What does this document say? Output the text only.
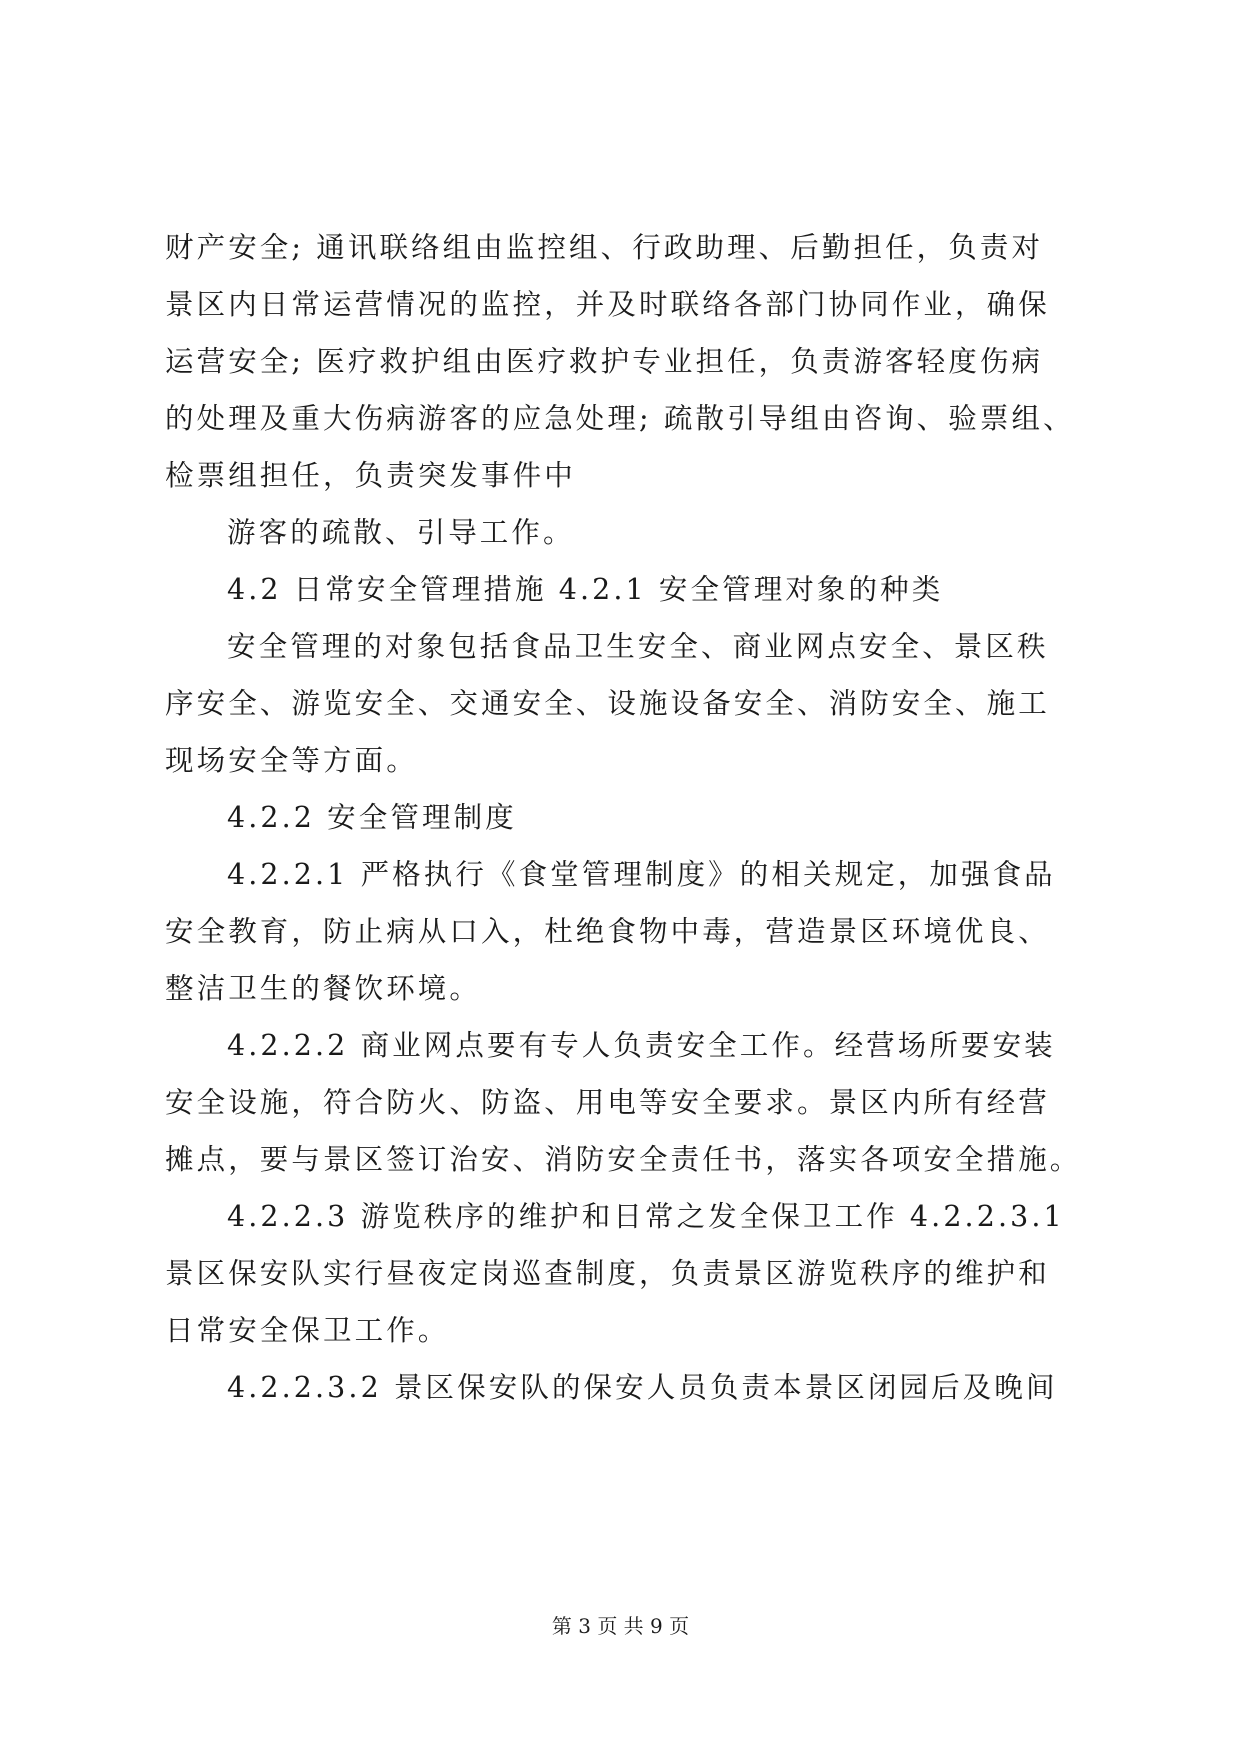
财产安全; 通讯联络组由监控组、行政助理、后勤担任，负责对
景区内日常运营情况的监控，并及时联络各部门协同作业，确保
运营安全; 医疗救护组由医疗救护专业担任，负责游客轻度伤病
的处理及重大伤病游客的应急处理; 疏散引导组由咨询、验票组、
检票组担任，负责突发事件中
游客的疏散、引导工作。
4.2 日常安全管理措施 4.2.1 安全管理对象的种类
安全管理的对象包括食品卫生安全、商业网点安全、景区秩
序安全、游览安全、交通安全、设施设备安全、消防安全、施工
现场安全等方面。
4.2.2 安全管理制度
4.2.2.1 严格执行《食堂管理制度》的相关规定，加强食品
安全教育，防止病从口入，杜绝食物中毒，营造景区环境优良、
整洁卫生的餐饮环境。
4.2.2.2 商业网点要有专人负责安全工作。经营场所要安装
安全设施，符合防火、防盗、用电等安全要求。景区内所有经营
摊点，要与景区签订治安、消防安全责任书，落实各项安全措施。
4.2.2.3 游览秩序的维护和日常之发全保卫工作 4.2.2.3.1
景区保安队实行昼夜定岗巡查制度，负责景区游览秩序的维护和
日常安全保卫工作。
4.2.2.3.2 景区保安队的保安人员负责本景区闭园后及晚间
第 3 页 共 9 页
